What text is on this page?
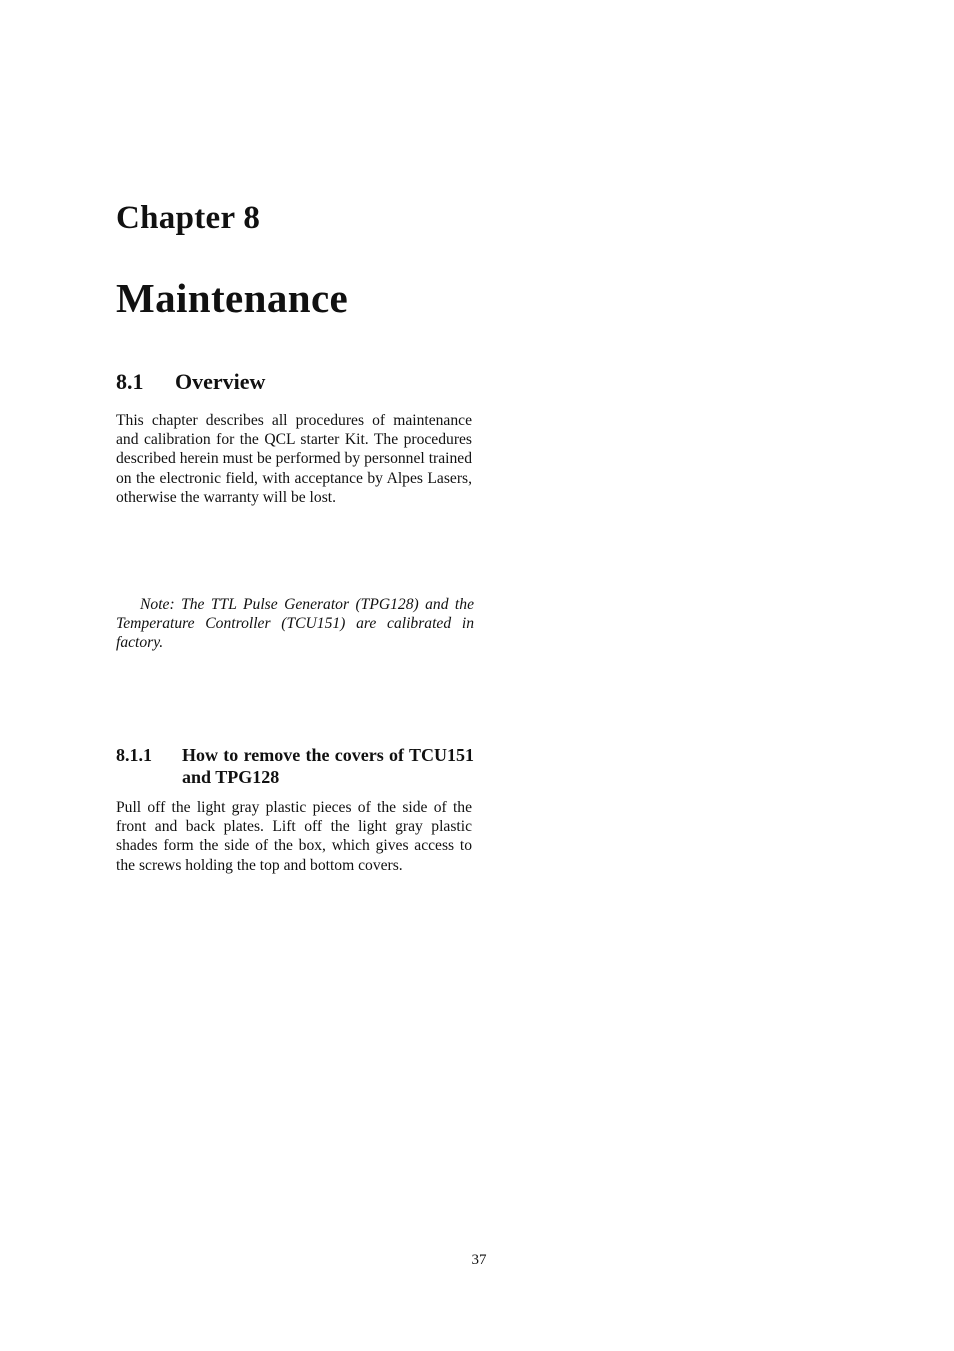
Chapter 8
Maintenance
8.1 Overview

This chapter describes all procedures of maintenance and calibration for the QCL starter Kit. The procedures described herein must be performed by personnel trained on the electronic field, with acceptance by Alpes Lasers, otherwise the warranty will be lost.

Note: The TTL Pulse Generator (TPG128) and the Temperature Controller (TCU151) are calibrated in factory.

8.1.1	How to remove the covers of TCU151 and TPG128

Pull off the light gray plastic pieces of the side of the front and back plates. Lift off the light gray plastic shades form the side of the box, which gives access to the screws holding the top and bottom covers.

37
